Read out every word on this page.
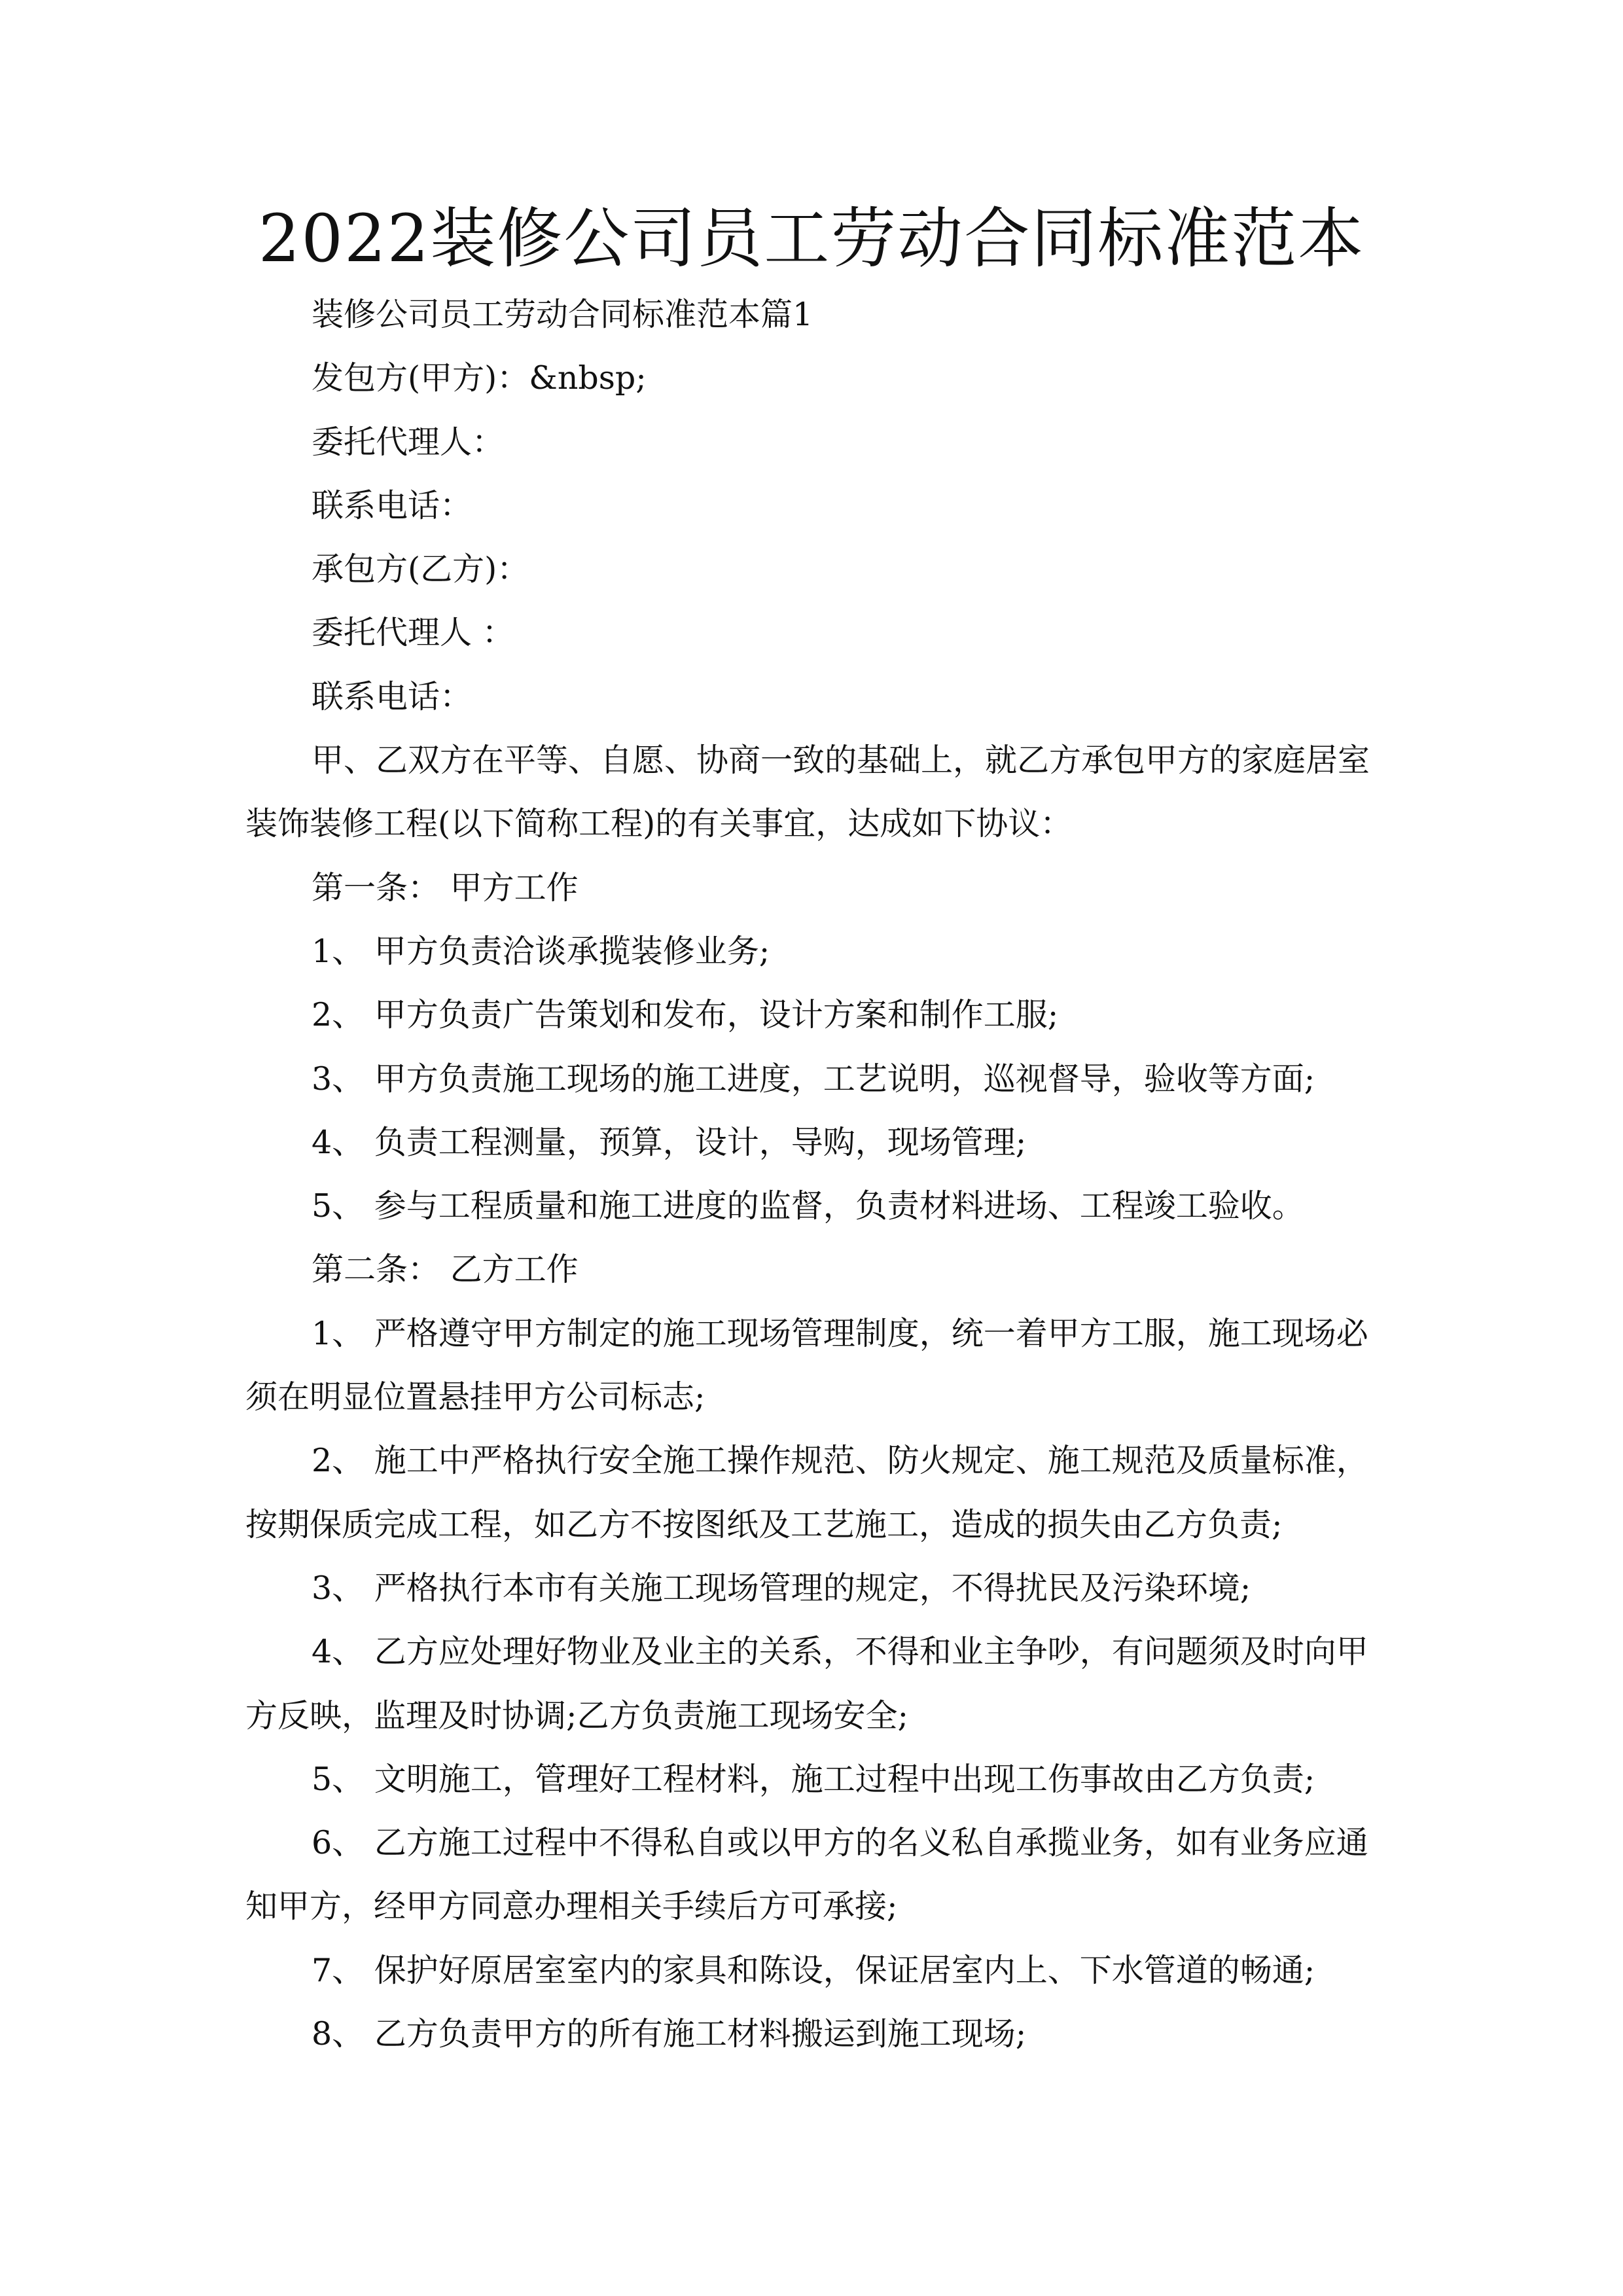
2022装修公司员工劳动合同标准范本
装修公司员工劳动合同标准范本篇1
发包方(甲方)：&nbsp;
委托代理人：
联系电话：
承包方(乙方)：
委托代理人 ：
联系电话：
甲、乙双方在平等、自愿、协商一致的基础上，就乙方承包甲方的家庭居室
装饰装修工程(以下简称工程)的有关事宜，达成如下协议：
第一条： 甲方工作
1、 甲方负责洽谈承揽装修业务;
2、 甲方负责广告策划和发布，设计方案和制作工服;
3、 甲方负责施工现场的施工进度，工艺说明，巡视督导，验收等方面;
4、 负责工程测量，预算，设计，导购，现场管理;
5、 参与工程质量和施工进度的监督，负责材料进场、工程竣工验收。
第二条： 乙方工作
1、 严格遵守甲方制定的施工现场管理制度，统一着甲方工服，施工现场必
须在明显位置悬挂甲方公司标志;
2、 施工中严格执行安全施工操作规范、防火规定、施工规范及质量标准，
按期保质完成工程，如乙方不按图纸及工艺施工，造成的损失由乙方负责;
3、 严格执行本市有关施工现场管理的规定，不得扰民及污染环境;
4、 乙方应处理好物业及业主的关系，不得和业主争吵，有问题须及时向甲
方反映，监理及时协调;乙方负责施工现场安全;
5、 文明施工，管理好工程材料，施工过程中出现工伤事故由乙方负责;
6、 乙方施工过程中不得私自或以甲方的名义私自承揽业务，如有业务应通
知甲方，经甲方同意办理相关手续后方可承接;
7、 保护好原居室室内的家具和陈设，保证居室内上、下水管道的畅通;
8、 乙方负责甲方的所有施工材料搬运到施工现场;
